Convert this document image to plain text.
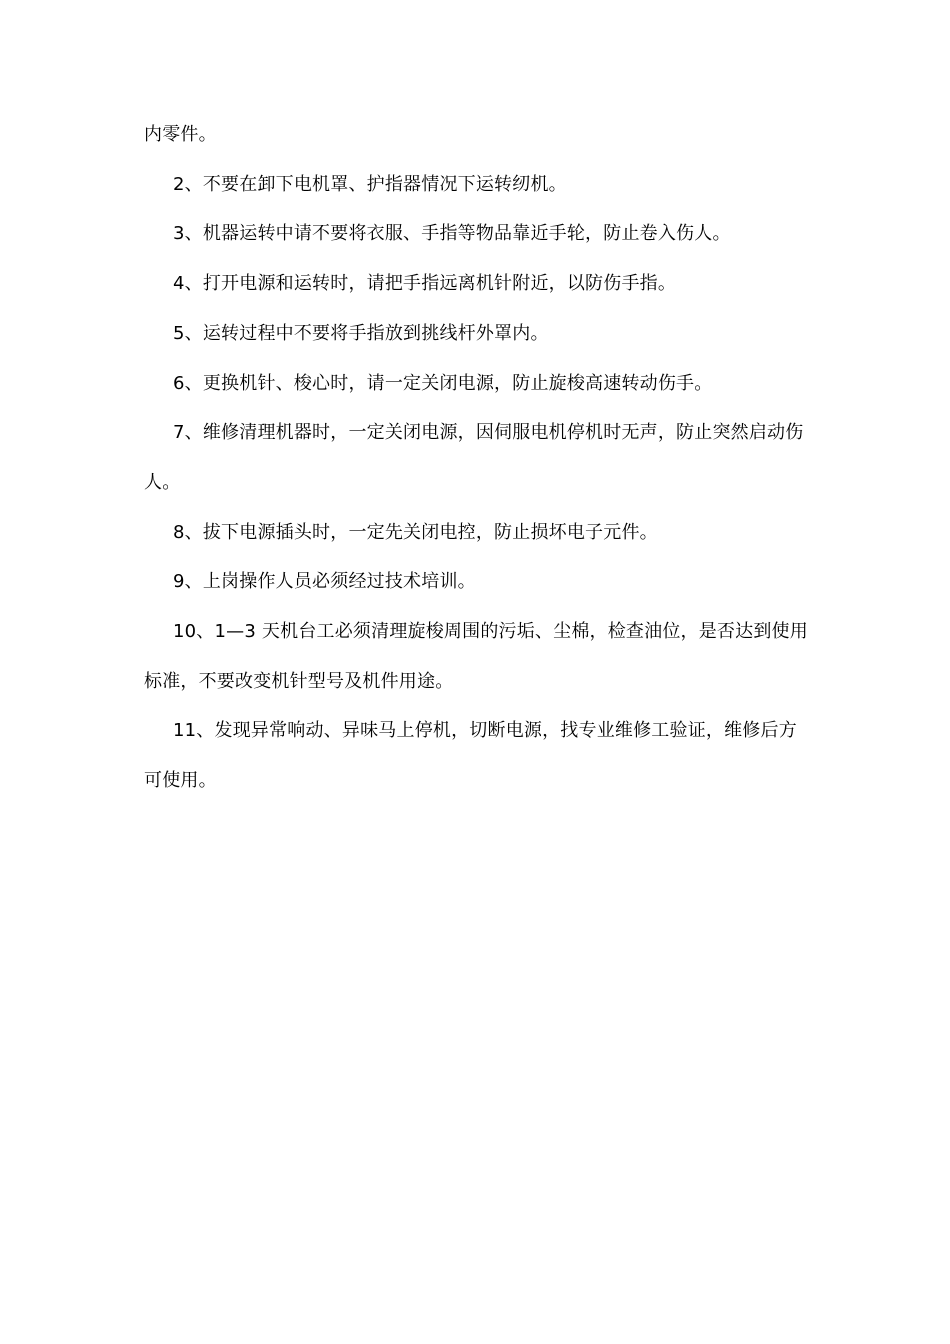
内零件。

2、不要在卸下电机罩、护指器情况下运转纫机。

3、机器运转中请不要将衣服、手指等物品靠近手轮，防止卷入伤人。

4、打开电源和运转时，请把手指远离机针附近，以防伤手指。

5、运转过程中不要将手指放到挑线杆外罩内。

6、更换机针、梭心时，请一定关闭电源，防止旋梭高速转动伤手。

7、维修清理机器时，一定关闭电源，因伺服电机停机时无声，防止突然启动伤人。

8、拔下电源插头时，一定先关闭电控，防止损坏电子元件。

9、上岗操作人员必须经过技术培训。

10、1—3 天机台工必须清理旋梭周围的污垢、尘棉，检查油位，是否达到使用标准，不要改变机针型号及机件用途。

11、发现异常响动、异味马上停机，切断电源，找专业维修工验证，维修后方可使用。
